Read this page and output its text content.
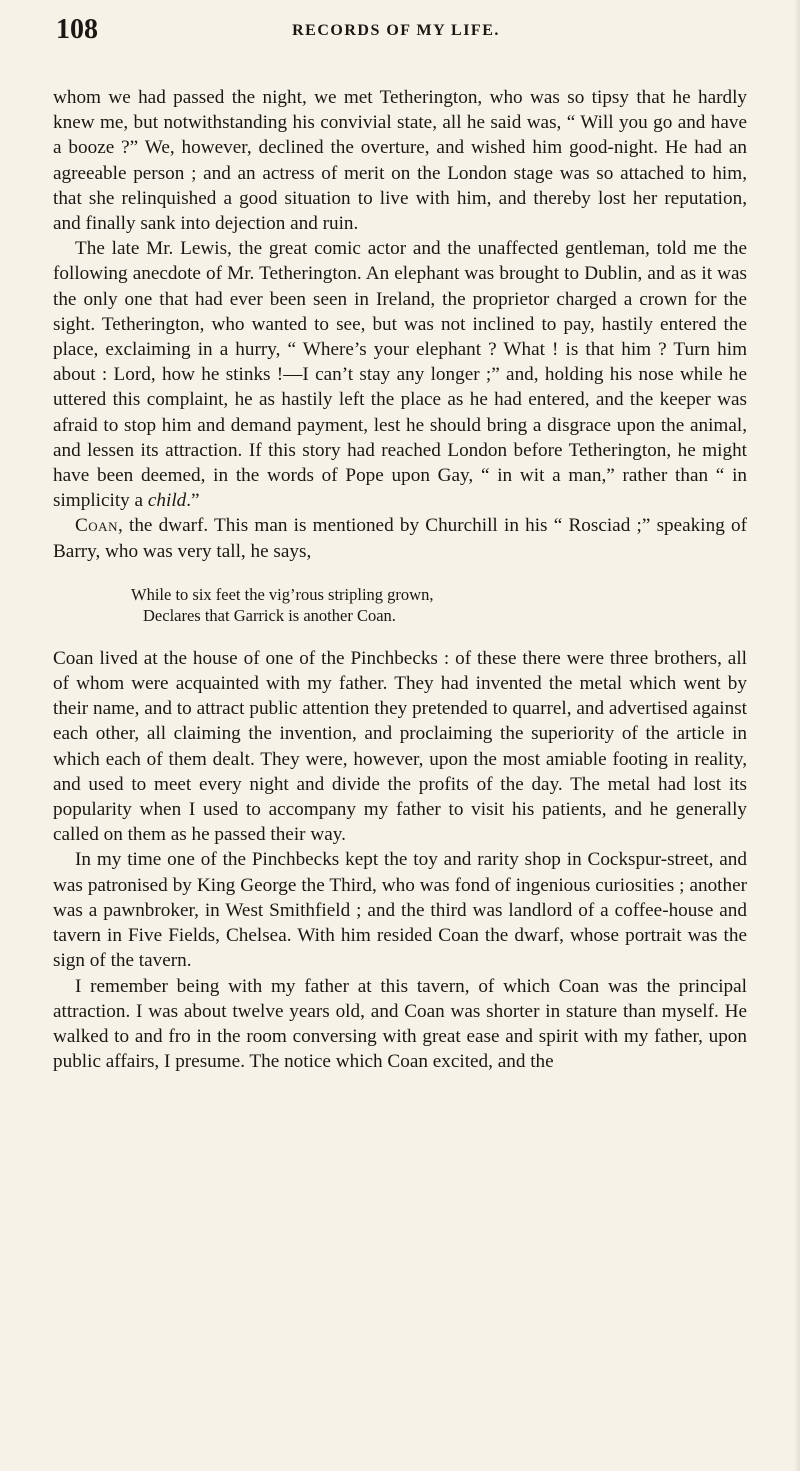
108	RECORDS OF MY LIFE.

whom we had passed the night, we met Tetherington, who was so tipsy that he hardly knew me, but notwithstanding his convivial state, all he said was, “ Will you go and have a booze ?” We, however, declined the overture, and wished him good-night. He had an agreeable person ; and an actress of merit on the London stage was so attached to him, that she relinquished a good situation to live with him, and thereby lost her reputation, and finally sank into dejection and ruin.

The late Mr. Lewis, the great comic actor and the unaffected gentleman, told me the following anecdote of Mr. Tetherington. An elephant was brought to Dublin, and as it was the only one that had ever been seen in Ireland, the proprietor charged a crown for the sight. Tetherington, who wanted to see, but was not inclined to pay, hastily entered the place, exclaiming in a hurry, “ Where’s your elephant ? What ! is that him ? Turn him about : Lord, how he stinks !—I can’t stay any longer ;” and, holding his nose while he uttered this complaint, he as hastily left the place as he had entered, and the keeper was afraid to stop him and demand payment, lest he should bring a disgrace upon the animal, and lessen its attraction. If this story had reached London before Tetherington, he might have been deemed, in the words of Pope upon Gay, “ in wit a man,” rather than “ in simplicity a child.”

Coan, the dwarf. This man is mentioned by Churchill in his “ Rosciad ;” speaking of Barry, who was very tall, he says,

While to six feet the vig’rous stripling grown,
Declares that Garrick is another Coan.

Coan lived at the house of one of the Pinchbecks : of these there were three brothers, all of whom were acquainted with my father. They had invented the metal which went by their name, and to attract public attention they pretended to quarrel, and advertised against each other, all claiming the invention, and proclaiming the superiority of the article in which each of them dealt. They were, however, upon the most amiable footing in reality, and used to meet every night and divide the profits of the day. The metal had lost its popularity when I used to accompany my father to visit his patients, and he generally called on them as he passed their way.

In my time one of the Pinchbecks kept the toy and rarity shop in Cockspur-street, and was patronised by King George the Third, who was fond of ingenious curiosities ; another was a pawnbroker, in West Smithfield ; and the third was landlord of a coffee-house and tavern in Five Fields, Chelsea. With him resided Coan the dwarf, whose portrait was the sign of the tavern.

I remember being with my father at this tavern, of which Coan was the principal attraction. I was about twelve years old, and Coan was shorter in stature than myself. He walked to and fro in the room conversing with great ease and spirit with my father, upon public affairs, I presume. The notice which Coan excited, and the
